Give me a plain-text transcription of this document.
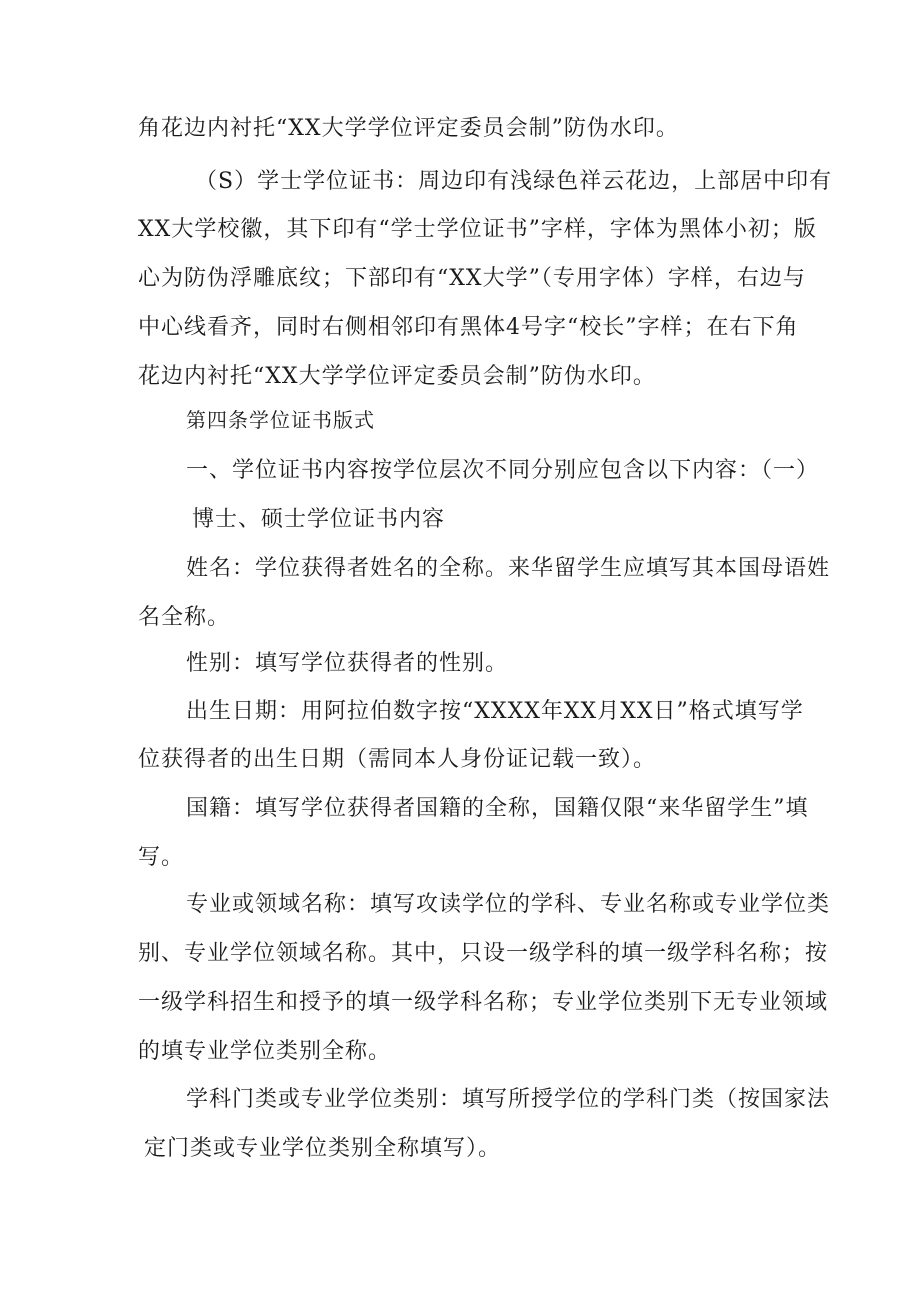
角花边内衬托“XX大学学位评定委员会制”防伪水印。
（S）学士学位证书：周边印有浅绿色祥云花边，上部居中印有
XX大学校徽，其下印有“学士学位证书”字样，字体为黑体小初；版
心为防伪浮雕底纹；下部印有“XX大学”（专用字体）字样，右边与
中心线看齐，同时右侧相邻印有黑体4号字“校长”字样；在右下角
花边内衬托“XX大学学位评定委员会制”防伪水印。
第四条学位证书版式
一、学位证书内容按学位层次不同分别应包含以下内容：（一）
博士、硕士学位证书内容
姓名：学位获得者姓名的全称。来华留学生应填写其本国母语姓
名全称。
性别：填写学位获得者的性别。
出生日期：用阿拉伯数字按“XXXX年XX月XX日”格式填写学
位获得者的出生日期（需同本人身份证记载一致）。
国籍：填写学位获得者国籍的全称，国籍仅限“来华留学生”填
写。
专业或领域名称：填写攻读学位的学科、专业名称或专业学位类
别、专业学位领域名称。其中，只设一级学科的填一级学科名称；按
一级学科招生和授予的填一级学科名称；专业学位类别下无专业领域
的填专业学位类别全称。
学科门类或专业学位类别：填写所授学位的学科门类（按国家法
定门类或专业学位类别全称填写）。
